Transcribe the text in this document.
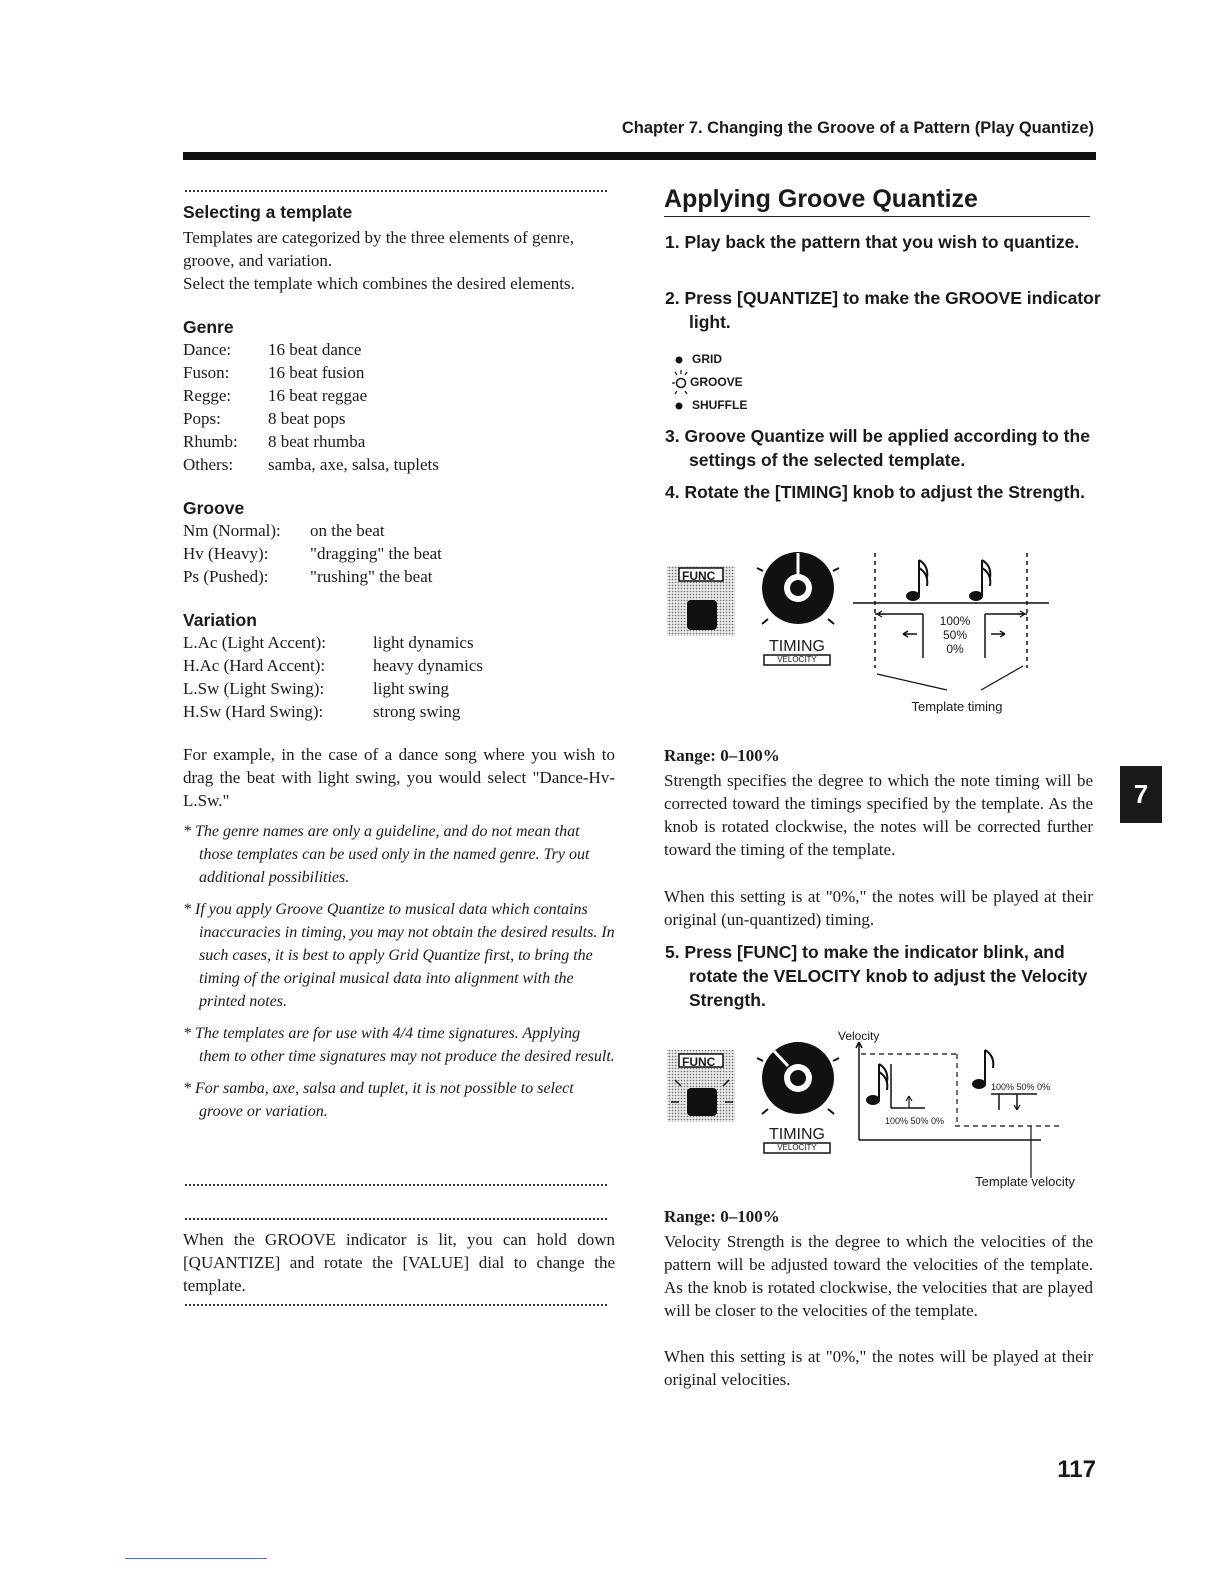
Chapter 7. Changing the Groove of a Pattern (Play Quantize)
Selecting a template
Templates are categorized by the three elements of genre, groove, and variation.
Select the template which combines the desired elements.
Genre
Dance:	16 beat dance
Fuson:	16 beat fusion
Regge:	16 beat reggae
Pops:	8 beat pops
Rhumb:	8 beat rhumba
Others:	samba, axe, salsa, tuplets
Groove
Nm (Normal):	on the beat
Hv (Heavy):	"dragging" the beat
Ps (Pushed):	"rushing" the beat
Variation
L.Ac (Light Accent):	light dynamics
H.Ac (Hard Accent):	heavy dynamics
L.Sw (Light Swing):	light swing
H.Sw (Hard Swing):	strong swing
For example, in the case of a dance song where you wish to drag the beat with light swing, you would select "Dance-Hv-L.Sw."
* The genre names are only a guideline, and do not mean that those templates can be used only in the named genre. Try out additional possibilities.
* If you apply Groove Quantize to musical data which contains inaccuracies in timing, you may not obtain the desired results. In such cases, it is best to apply Grid Quantize first, to bring the timing of the original musical data into alignment with the printed notes.
* The templates are for use with 4/4 time signatures. Applying them to other time signatures may not produce the desired result.
* For samba, axe, salsa and tuplet, it is not possible to select groove or variation.
When the GROOVE indicator is lit, you can hold down [QUANTIZE] and rotate the [VALUE] dial to change the template.
Applying Groove Quantize
1. Play back the pattern that you wish to quantize.
2. Press [QUANTIZE] to make the GROOVE indicator light.
GRID
GROOVE
SHUFFLE
3. Groove Quantize will be applied according to the settings of the selected template.
4. Rotate the [TIMING] knob to adjust the Strength.
FUNC
TIMING
VELOCITY
100%
50%
0%
Template timing
Range: 0–100%
Strength specifies the degree to which the note timing will be corrected toward the timings specified by the template. As the knob is rotated clockwise, the notes will be corrected further toward the timing of the template.
When this setting is at "0%," the notes will be played at their original (un-quantized) timing.
5. Press [FUNC] to make the indicator blink, and rotate the VELOCITY knob to adjust the Velocity Strength.
Velocity
FUNC
TIMING
VELOCITY
100% 50% 0%
100% 50% 0%
Template velocity
Range: 0–100%
Velocity Strength is the degree to which the velocities of the pattern will be adjusted toward the velocities of the template. As the knob is rotated clockwise, the velocities that are played will be closer to the velocities of the template.
When this setting is at "0%," the notes will be played at their original velocities.
7
117
